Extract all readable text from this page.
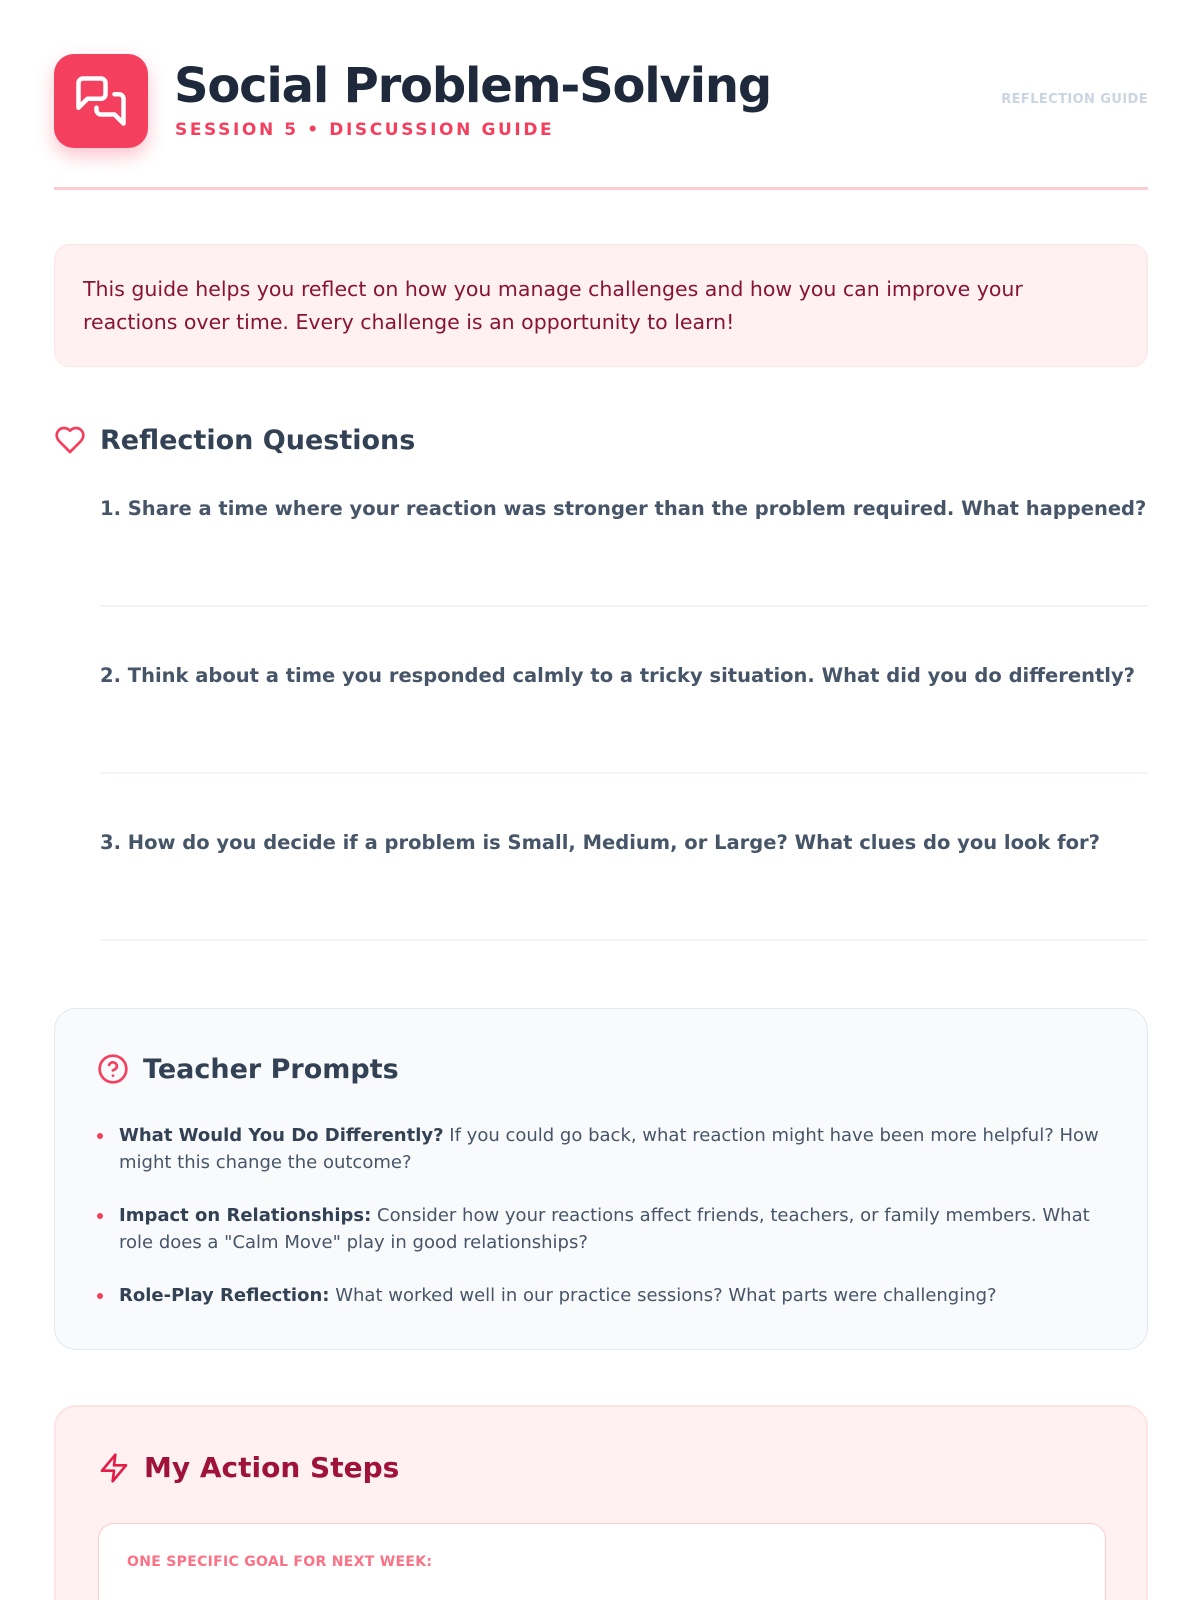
Social Problem-Solving
SESSION 5 • DISCUSSION GUIDE
REFLECTION GUIDE

This guide helps you reflect on how you manage challenges and how you can improve your reactions over time. Every challenge is an opportunity to learn!

Reflection Questions
1. Share a time where your reaction was stronger than the problem required. What happened?
2. Think about a time you responded calmly to a tricky situation. What did you do differently?
3. How do you decide if a problem is Small, Medium, or Large? What clues do you look for?
Teacher Prompts
What Would You Do Differently? If you could go back, what reaction might have been more helpful? How might this change the outcome?
Impact on Relationships: Consider how your reactions affect friends, teachers, or family members. What role does a "Calm Move" play in good relationships?
Role-Play Reflection: What worked well in our practice sessions? What parts were challenging?
My Action Steps
ONE SPECIFIC GOAL FOR NEXT WEEK:
